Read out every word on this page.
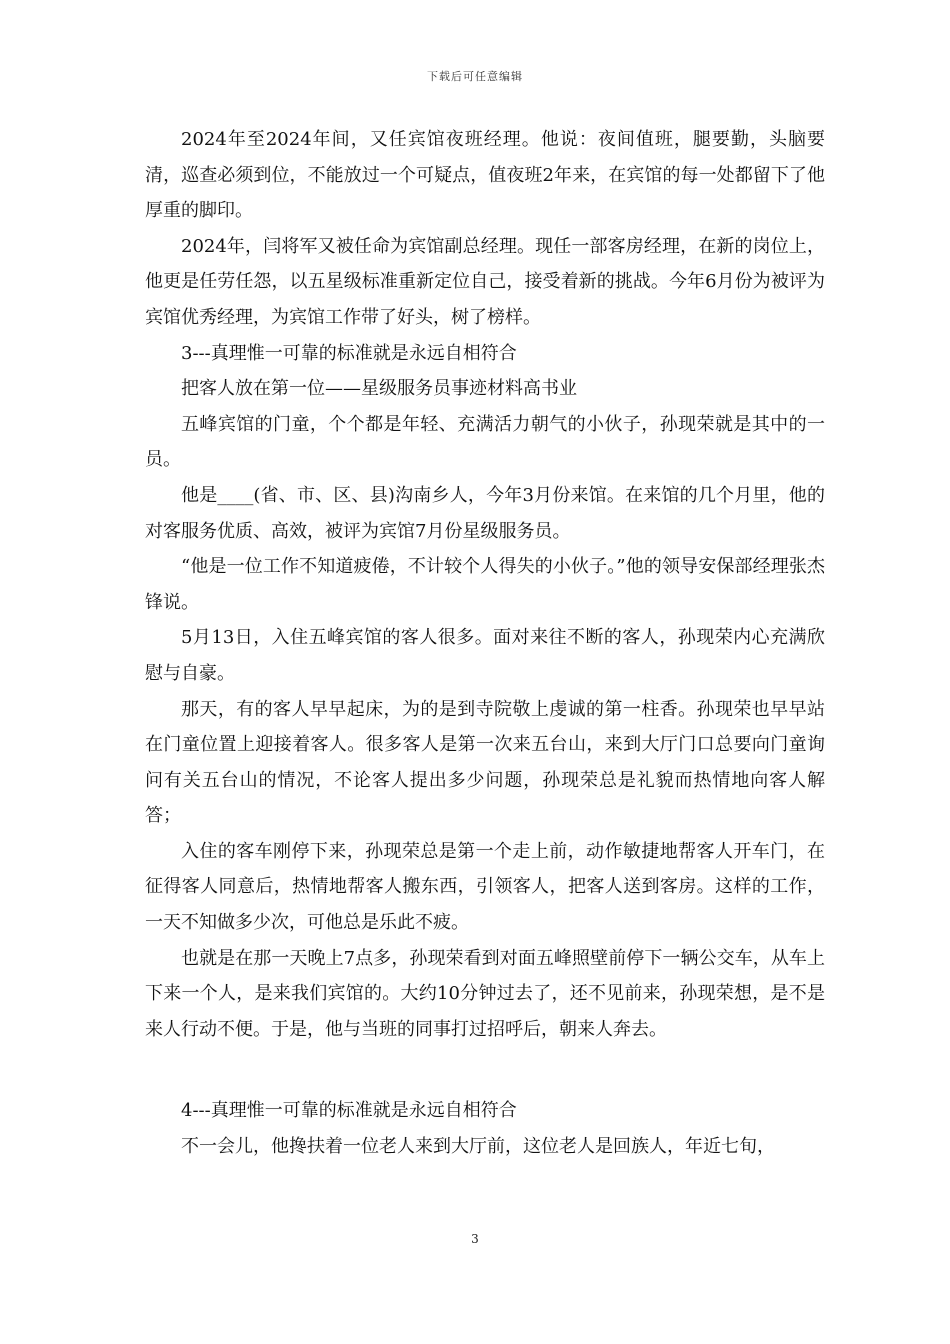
下载后可任意编辑

2024年至2024年间，又任宾馆夜班经理。他说：夜间值班，腿要勤，头脑要清，巡查必须到位，不能放过一个可疑点，值夜班2年来，在宾馆的每一处都留下了他厚重的脚印。

2024年，闫将军又被任命为宾馆副总经理。现任一部客房经理，在新的岗位上，他更是任劳任怨，以五星级标准重新定位自己，接受着新的挑战。今年6月份为被评为宾馆优秀经理，为宾馆工作带了好头，树了榜样。

3---真理惟一可靠的标准就是永远自相符合

把客人放在第一位——星级服务员事迹材料高书业

五峰宾馆的门童，个个都是年轻、充满活力朝气的小伙子，孙现荣就是其中的一员。

他是____(省、市、区、县)沟南乡人，今年3月份来馆。在来馆的几个月里，他的对客服务优质、高效，被评为宾馆7月份星级服务员。

“他是一位工作不知道疲倦，不计较个人得失的小伙子。”他的领导安保部经理张杰锋说。

5月13日，入住五峰宾馆的客人很多。面对来往不断的客人，孙现荣内心充满欣慰与自豪。

那天，有的客人早早起床，为的是到寺院敬上虔诚的第一柱香。孙现荣也早早站在门童位置上迎接着客人。很多客人是第一次来五台山，来到大厅门口总要向门童询问有关五台山的情况，不论客人提出多少问题，孙现荣总是礼貌而热情地向客人解答；

入住的客车刚停下来，孙现荣总是第一个走上前，动作敏捷地帮客人开车门，在征得客人同意后，热情地帮客人搬东西，引领客人，把客人送到客房。这样的工作，一天不知做多少次，可他总是乐此不疲。

也就是在那一天晚上7点多，孙现荣看到对面五峰照壁前停下一辆公交车，从车上下来一个人，是来我们宾馆的。大约10分钟过去了，还不见前来，孙现荣想，是不是来人行动不便。于是，他与当班的同事打过招呼后，朝来人奔去。

4---真理惟一可靠的标准就是永远自相符合

不一会儿，他搀扶着一位老人来到大厅前，这位老人是回族人，年近七旬，

3
